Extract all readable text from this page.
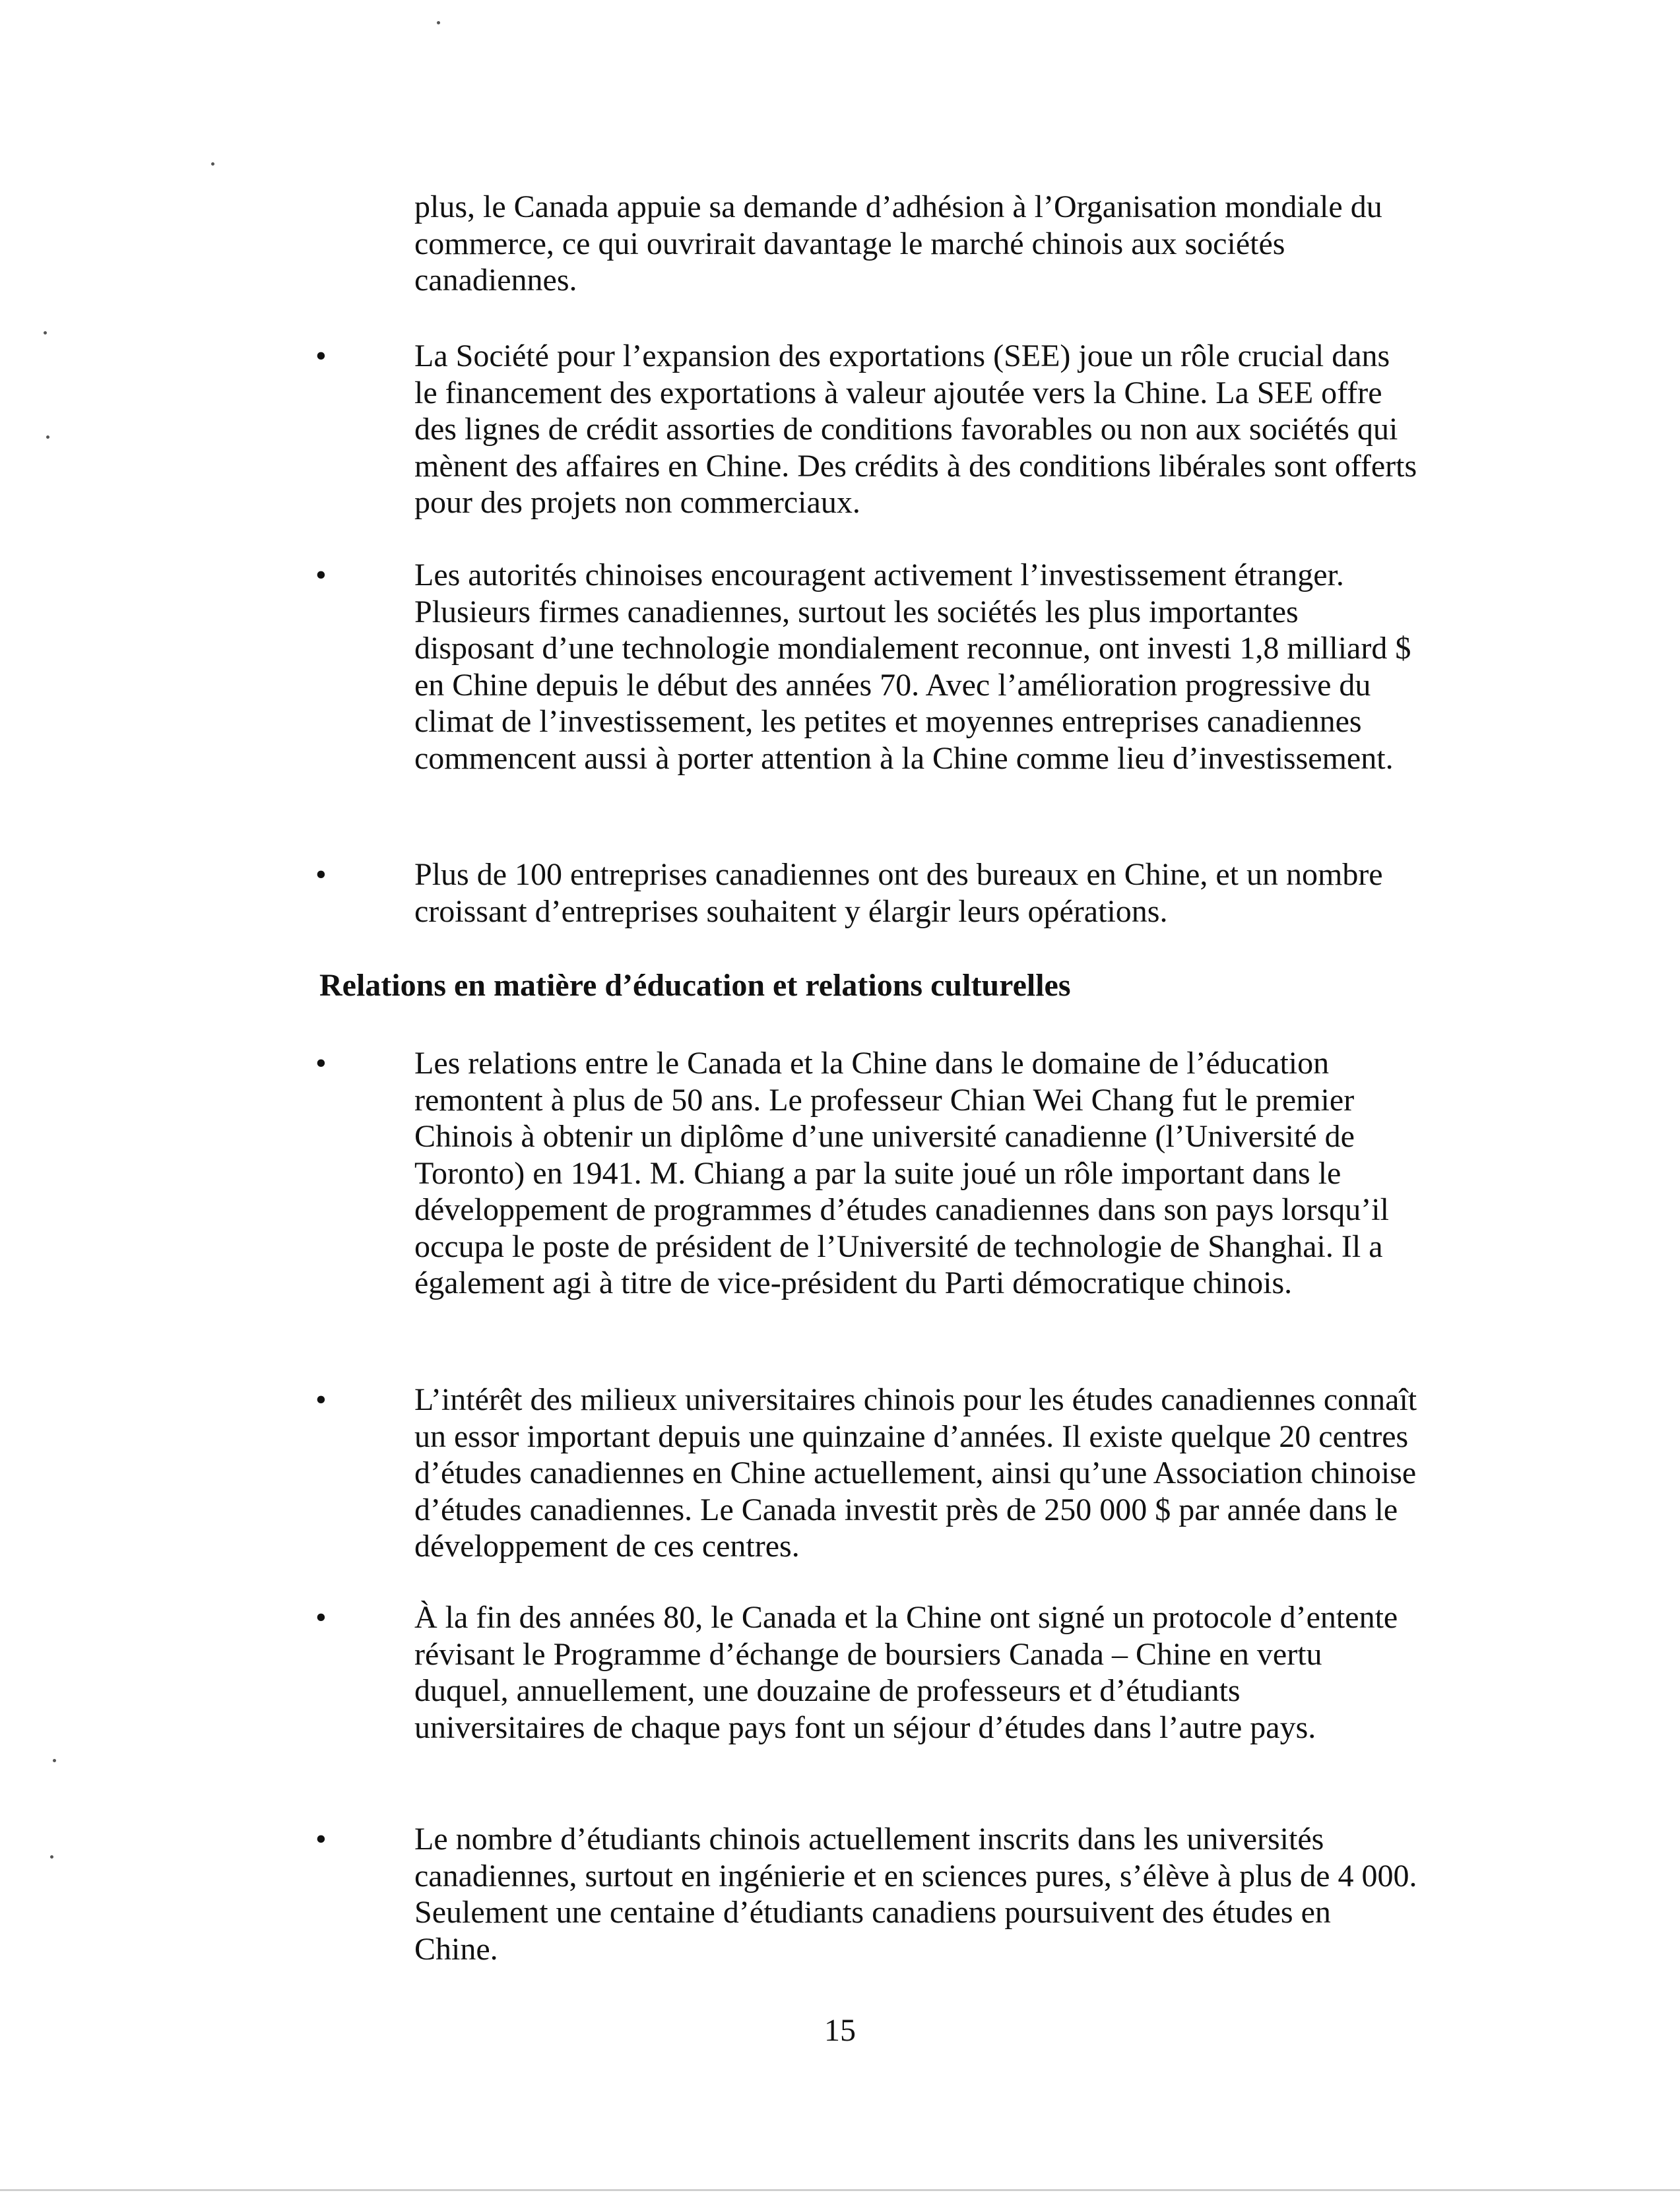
plus, le Canada appuie sa demande d’adhésion à l’Organisation mondiale du commerce, ce qui ouvrirait davantage le marché chinois aux sociétés canadiennes.

•	La Société pour l’expansion des exportations (SEE) joue un rôle crucial dans le financement des exportations à valeur ajoutée vers la Chine. La SEE offre des lignes de crédit assorties de conditions favorables ou non aux sociétés qui mènent des affaires en Chine. Des crédits à des conditions libérales sont offerts pour des projets non commerciaux.

•	Les autorités chinoises encouragent activement l’investissement étranger. Plusieurs firmes canadiennes, surtout les sociétés les plus importantes disposant d’une technologie mondialement reconnue, ont investi 1,8 milliard $ en Chine depuis le début des années 70. Avec l’amélioration progressive du climat de l’investissement, les petites et moyennes entreprises canadiennes commencent aussi à porter attention à la Chine comme lieu d’investissement.

•	Plus de 100 entreprises canadiennes ont des bureaux en Chine, et un nombre croissant d’entreprises souhaitent y élargir leurs opérations.

Relations en matière d’éducation et relations culturelles
•	Les relations entre le Canada et la Chine dans le domaine de l’éducation remontent à plus de 50 ans. Le professeur Chian Wei Chang fut le premier Chinois à obtenir un diplôme d’une université canadienne (l’Université de Toronto) en 1941. M. Chiang a par la suite joué un rôle important dans le développement de programmes d’études canadiennes dans son pays lorsqu’il occupa le poste de président de l’Université de technologie de Shanghai. Il a également agi à titre de vice-président du Parti démocratique chinois.

•	L’intérêt des milieux universitaires chinois pour les études canadiennes connaît un essor important depuis une quinzaine d’années. Il existe quelque 20 centres d’études canadiennes en Chine actuellement, ainsi qu’une Association chinoise d’études canadiennes. Le Canada investit près de 250 000 $ par année dans le développement de ces centres.

•	À la fin des années 80, le Canada et la Chine ont signé un protocole d’entente révisant le Programme d’échange de boursiers Canada – Chine en vertu duquel, annuellement, une douzaine de professeurs et d’étudiants universitaires de chaque pays font un séjour d’études dans l’autre pays.

•	Le nombre d’étudiants chinois actuellement inscrits dans les universités canadiennes, surtout en ingénierie et en sciences pures, s’élève à plus de 4 000. Seulement une centaine d’étudiants canadiens poursuivent des études en Chine.

15
